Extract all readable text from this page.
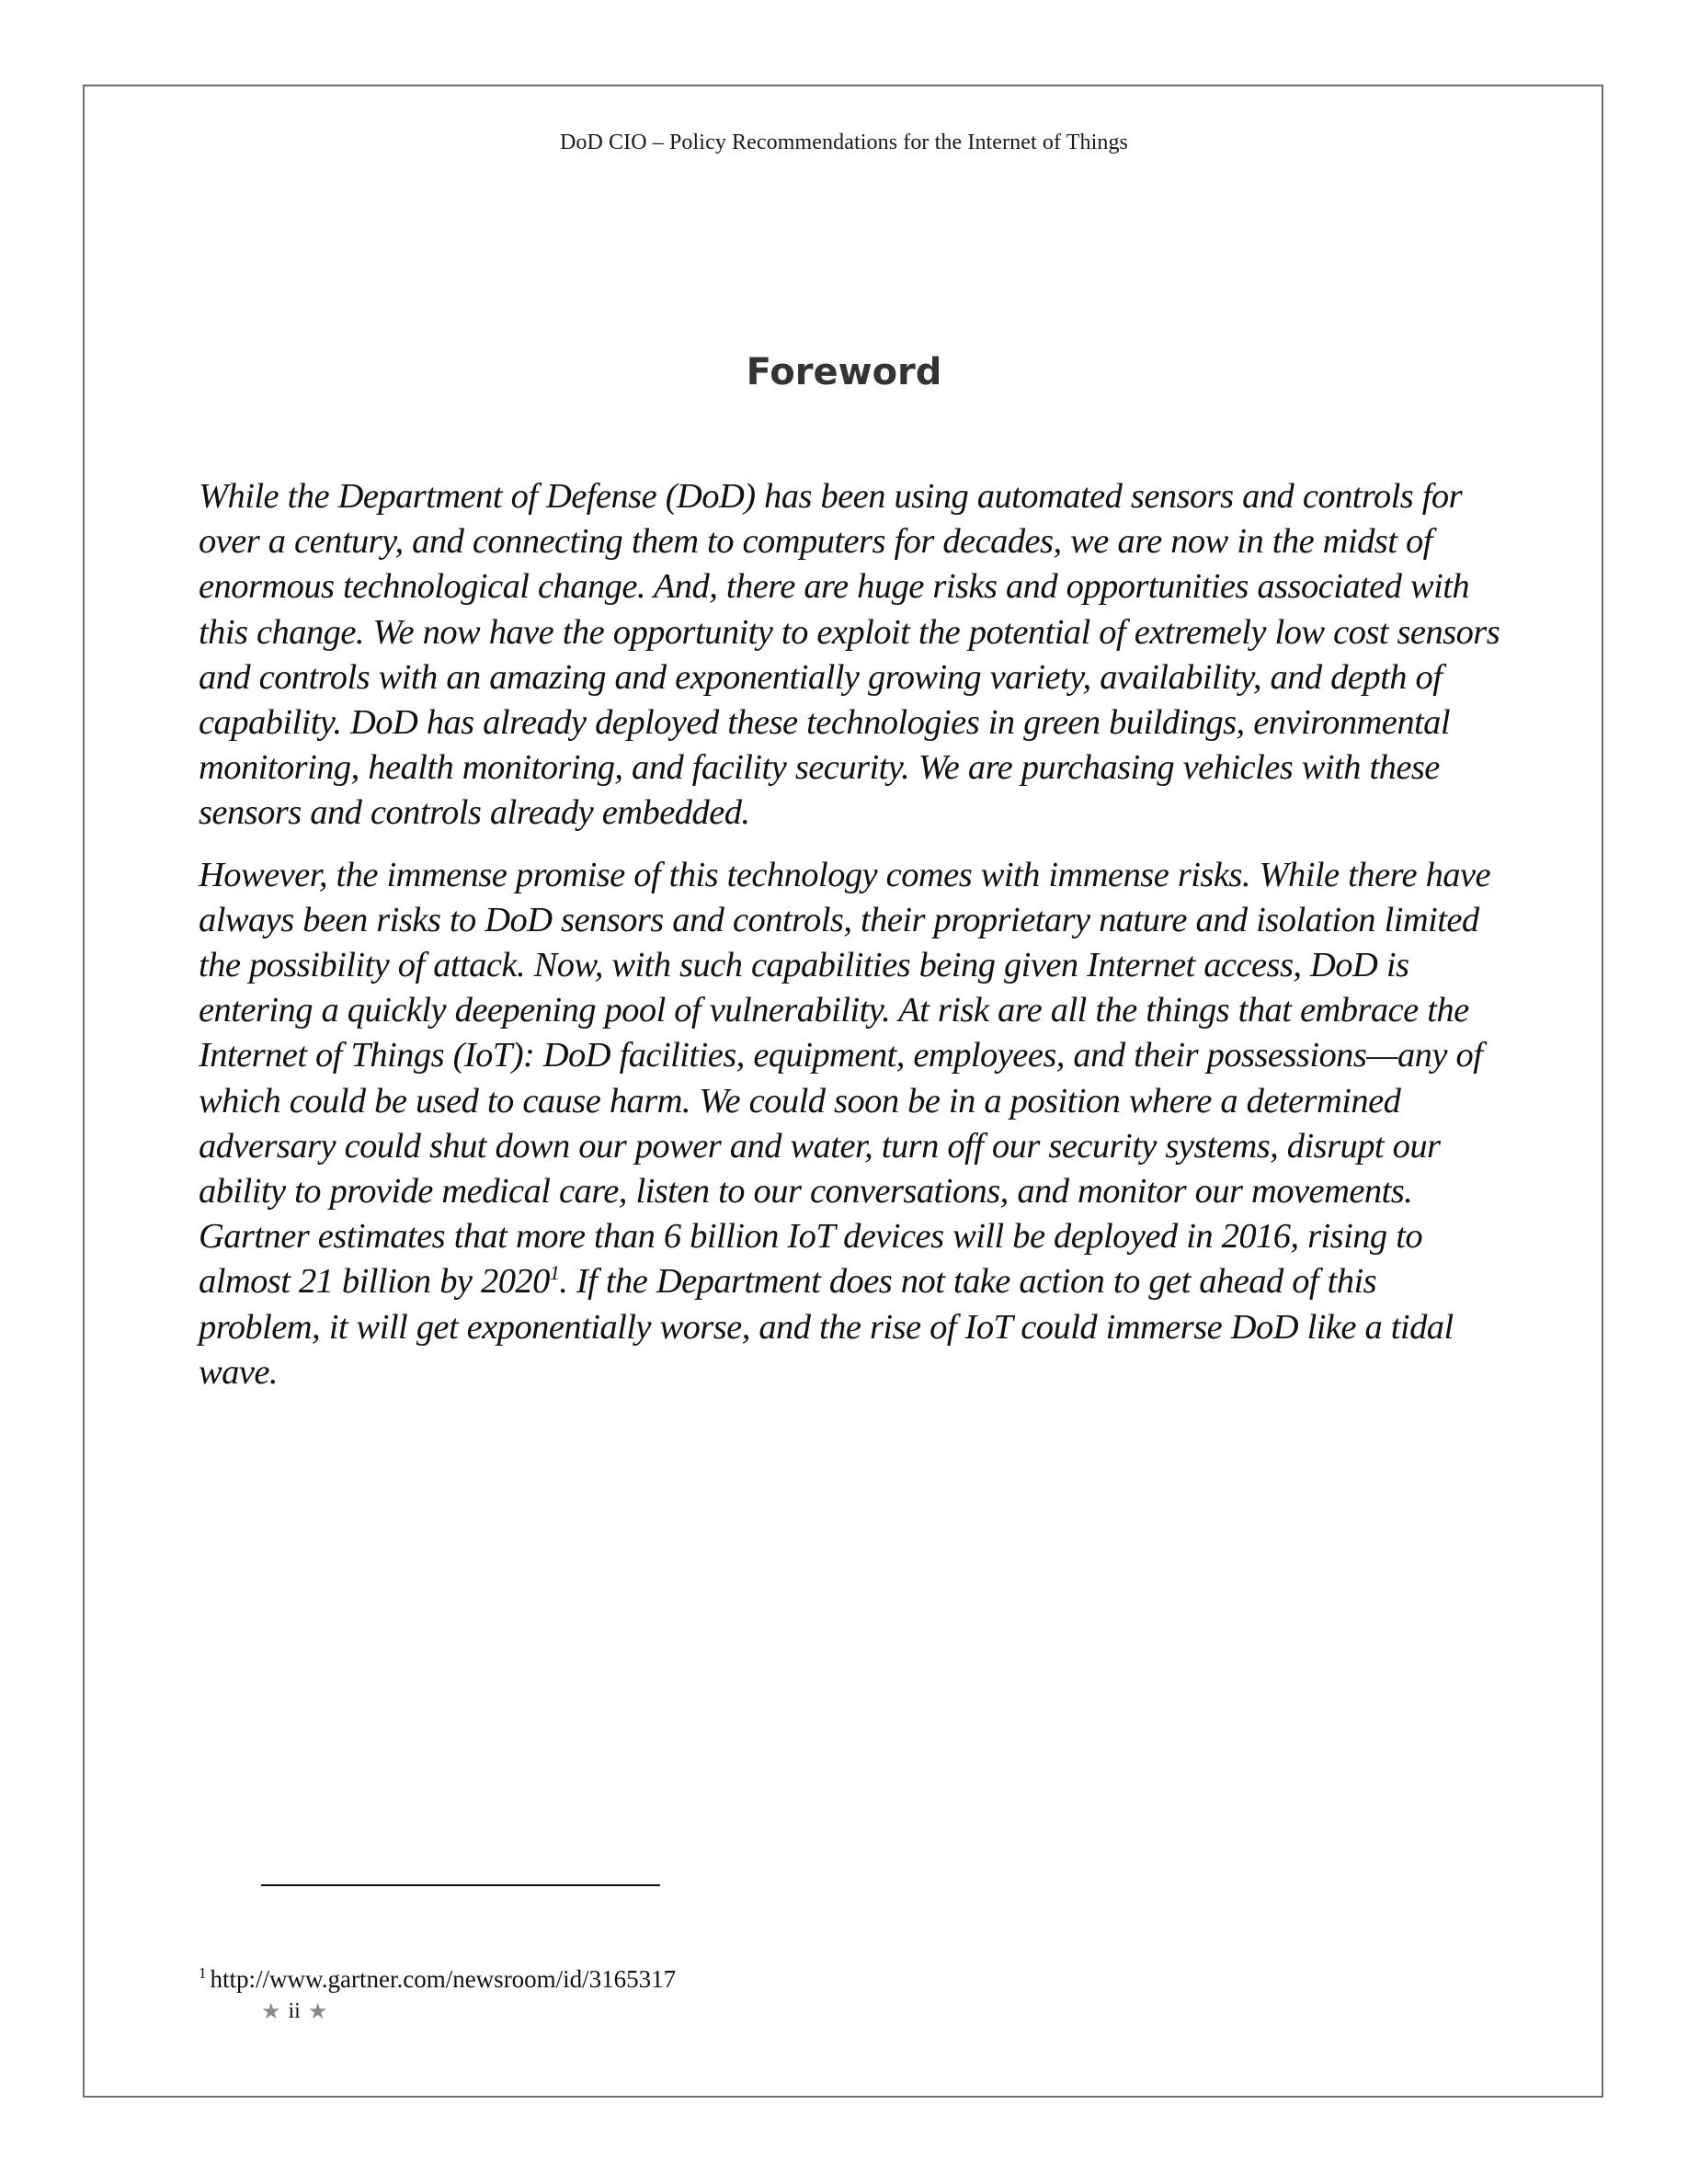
DoD CIO – Policy Recommendations for the Internet of Things
Foreword

While the Department of Defense (DoD) has been using automated sensors and controls for over a century, and connecting them to computers for decades, we are now in the midst of enormous technological change. And, there are huge risks and opportunities associated with this change. We now have the opportunity to exploit the potential of extremely low cost sensors and controls with an amazing and exponentially growing variety, availability, and depth of capability. DoD has already deployed these technologies in green buildings, environmental monitoring, health monitoring, and facility security. We are purchasing vehicles with these sensors and controls already embedded.

However, the immense promise of this technology comes with immense risks. While there have always been risks to DoD sensors and controls, their proprietary nature and isolation limited the possibility of attack. Now, with such capabilities being given Internet access, DoD is entering a quickly deepening pool of vulnerability. At risk are all the things that embrace the Internet of Things (IoT): DoD facilities, equipment, employees, and their possessions—any of which could be used to cause harm. We could soon be in a position where a determined adversary could shut down our power and water, turn off our security systems, disrupt our ability to provide medical care, listen to our conversations, and monitor our movements. Gartner estimates that more than 6 billion IoT devices will be deployed in 2016, rising to almost 21 billion by 2020$^1$. If the Department does not take action to get ahead of this problem, it will get exponentially worse, and the rise of IoT could immerse DoD like a tidal wave.

$^1$ http://www.gartner.com/newsroom/id/3165317
★ ii ★
